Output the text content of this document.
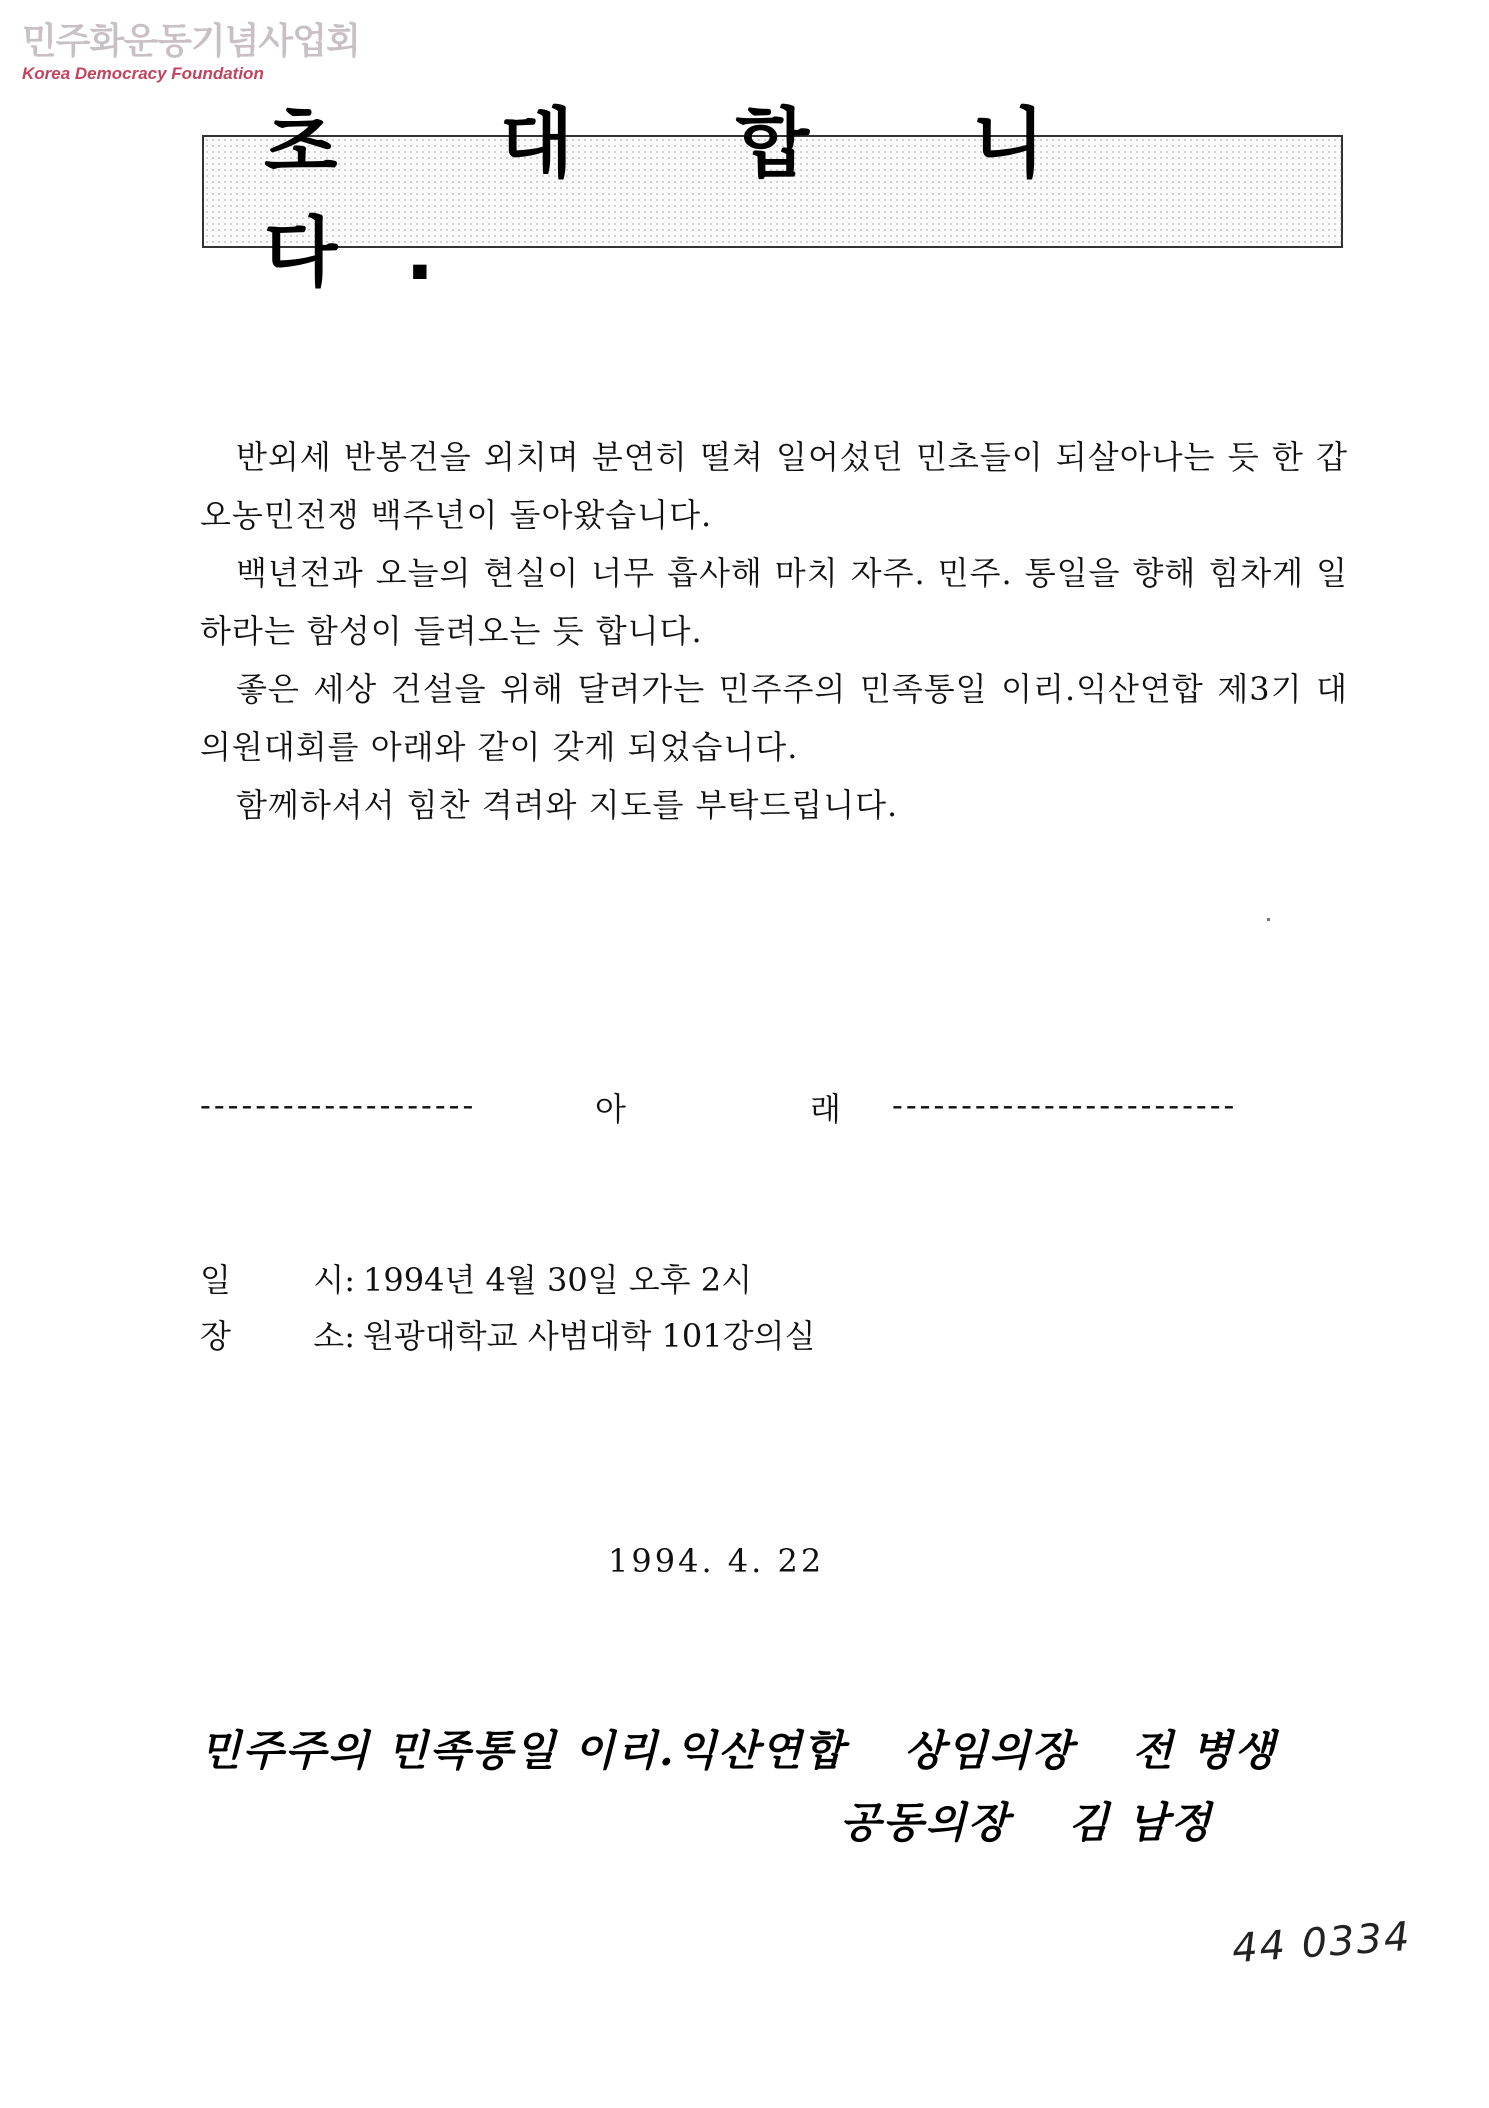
민주화운동기념사업회
Korea Democracy Foundation
초 대 합 니 다.

반외세 반봉건을 외치며 분연히 떨쳐 일어섰던 민초들이 되살아나는 듯 한 갑오농민전쟁 백주년이 돌아왔습니다.

백년전과 오늘의 현실이 너무 흡사해 마치 자주. 민주. 통일을 향해 힘차게 일하라는 함성이 들려오는 듯 합니다.

좋은 세상 건설을 위해 달려가는 민주주의 민족통일 이리.익산연합 제3기 대의원대회를 아래와 같이 갖게 되었습니다.

함께하셔서 힘찬 격려와 지도를 부탁드립니다.

--------------------	아	래 -------------------------
일	시: 1994년 4월 30일 오후 2시
장	소: 원광대학교 사범대학 101강의실
1994. 4. 22
민주주의 민족통일 이리.익산연합 상임의장 전 병생
공동의장 김 남정
44 0334
